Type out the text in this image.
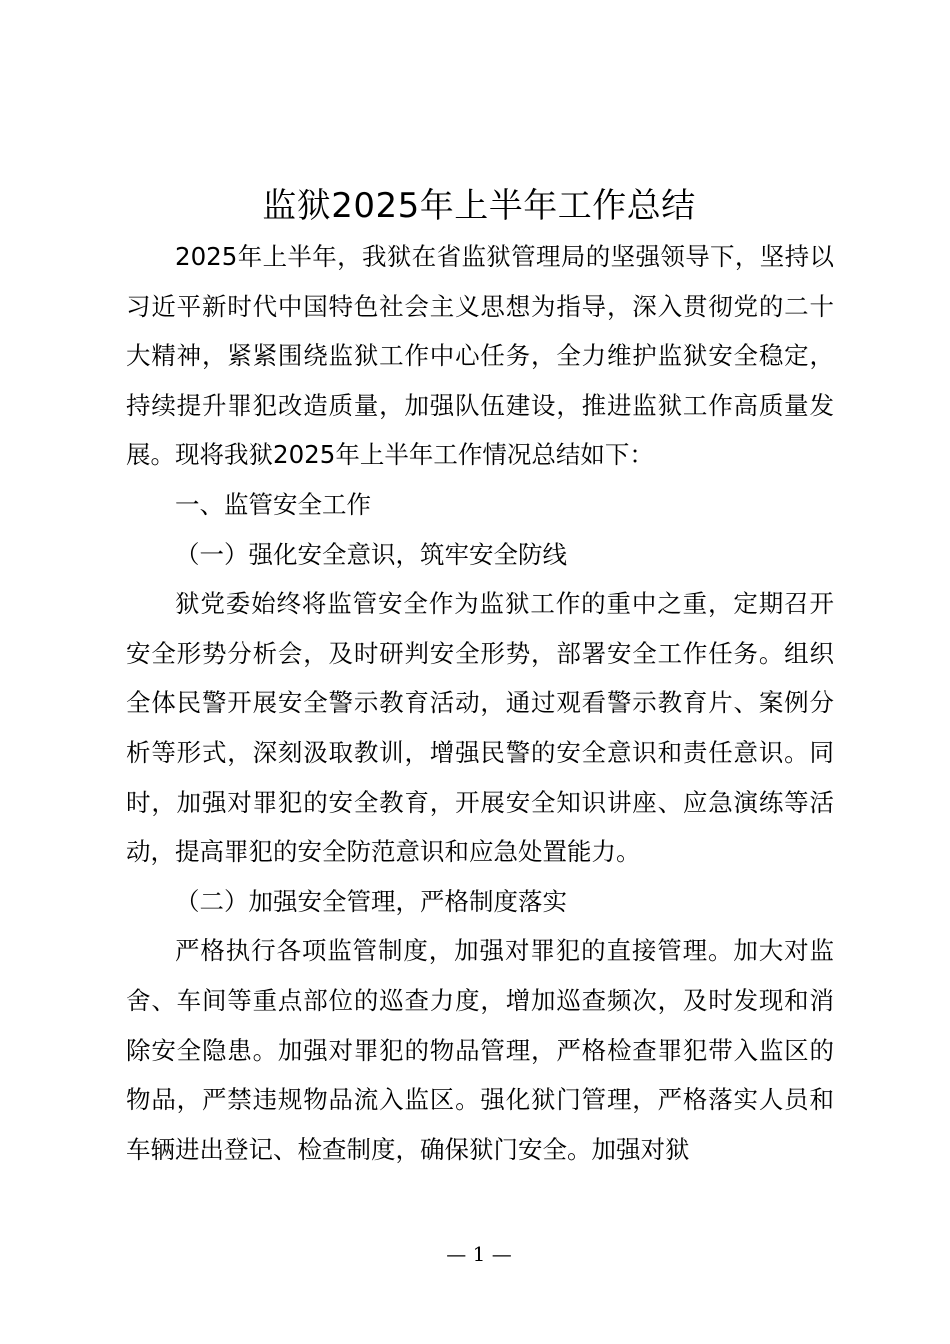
监狱2025年上半年工作总结

2025年上半年，我狱在省监狱管理局的坚强领导下，坚持以习近平新时代中国特色社会主义思想为指导，深入贯彻党的二十大精神，紧紧围绕监狱工作中心任务，全力维护监狱安全稳定，持续提升罪犯改造质量，加强队伍建设，推进监狱工作高质量发展。现将我狱2025年上半年工作情况总结如下：

一、监管安全工作

（一）强化安全意识，筑牢安全防线

狱党委始终将监管安全作为监狱工作的重中之重，定期召开安全形势分析会，及时研判安全形势，部署安全工作任务。组织全体民警开展安全警示教育活动，通过观看警示教育片、案例分析等形式，深刻汲取教训，增强民警的安全意识和责任意识。同时，加强对罪犯的安全教育，开展安全知识讲座、应急演练等活动，提高罪犯的安全防范意识和应急处置能力。

（二）加强安全管理，严格制度落实

严格执行各项监管制度，加强对罪犯的直接管理。加大对监舍、车间等重点部位的巡查力度，增加巡查频次，及时发现和消除安全隐患。加强对罪犯的物品管理，严格检查罪犯带入监区的物品，严禁违规物品流入监区。强化狱门管理，严格落实人员和车辆进出登记、检查制度，确保狱门安全。加强对狱

— 1 —
